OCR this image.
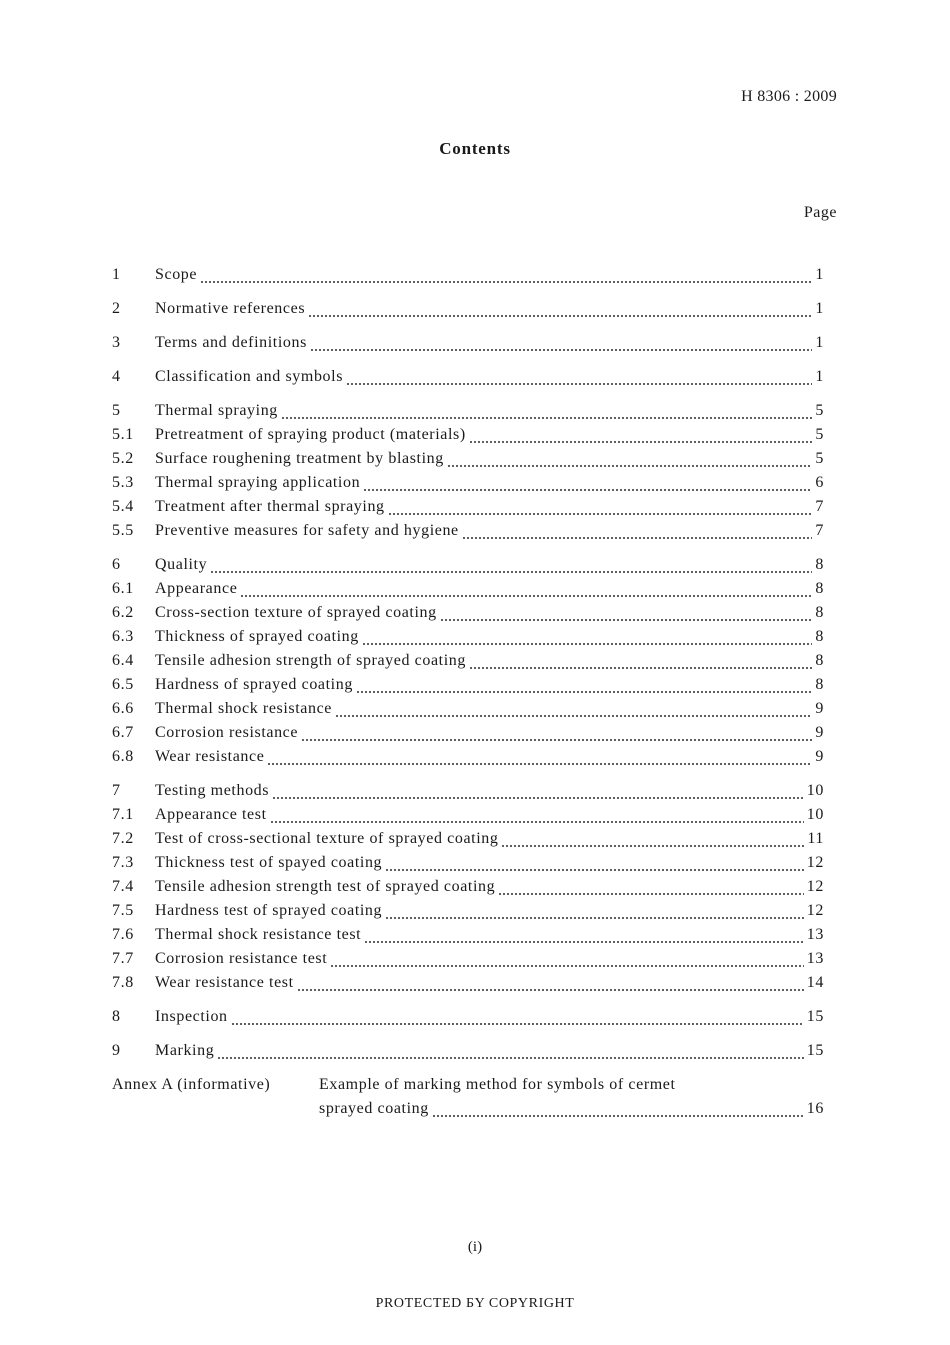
H 8306 : 2009
Contents
Page
1	Scope	1
2	Normative references	1
3	Terms and definitions	1
4	Classification and symbols	1
5	Thermal spraying	5
5.1	Pretreatment of spraying product (materials)	5
5.2	Surface roughening treatment by blasting	5
5.3	Thermal spraying application	6
5.4	Treatment after thermal spraying	7
5.5	Preventive measures for safety and hygiene	7
6	Quality	8
6.1	Appearance	8
6.2	Cross-section texture of sprayed coating	8
6.3	Thickness of sprayed coating	8
6.4	Tensile adhesion strength of sprayed coating	8
6.5	Hardness of sprayed coating	8
6.6	Thermal shock resistance	9
6.7	Corrosion resistance	9
6.8	Wear resistance	9
7	Testing methods	10
7.1	Appearance test	10
7.2	Test of cross-sectional texture of sprayed coating	11
7.3	Thickness test of spayed coating	12
7.4	Tensile adhesion strength test of sprayed coating	12
7.5	Hardness test of sprayed coating	12
7.6	Thermal shock resistance test	13
7.7	Corrosion resistance test	13
7.8	Wear resistance test	14
8	Inspection	15
9	Marking	15
Annex A (informative)	Example of marking method for symbols of cermet
sprayed coating	16
(i)
PROTECTED БY COPYRIGHT
